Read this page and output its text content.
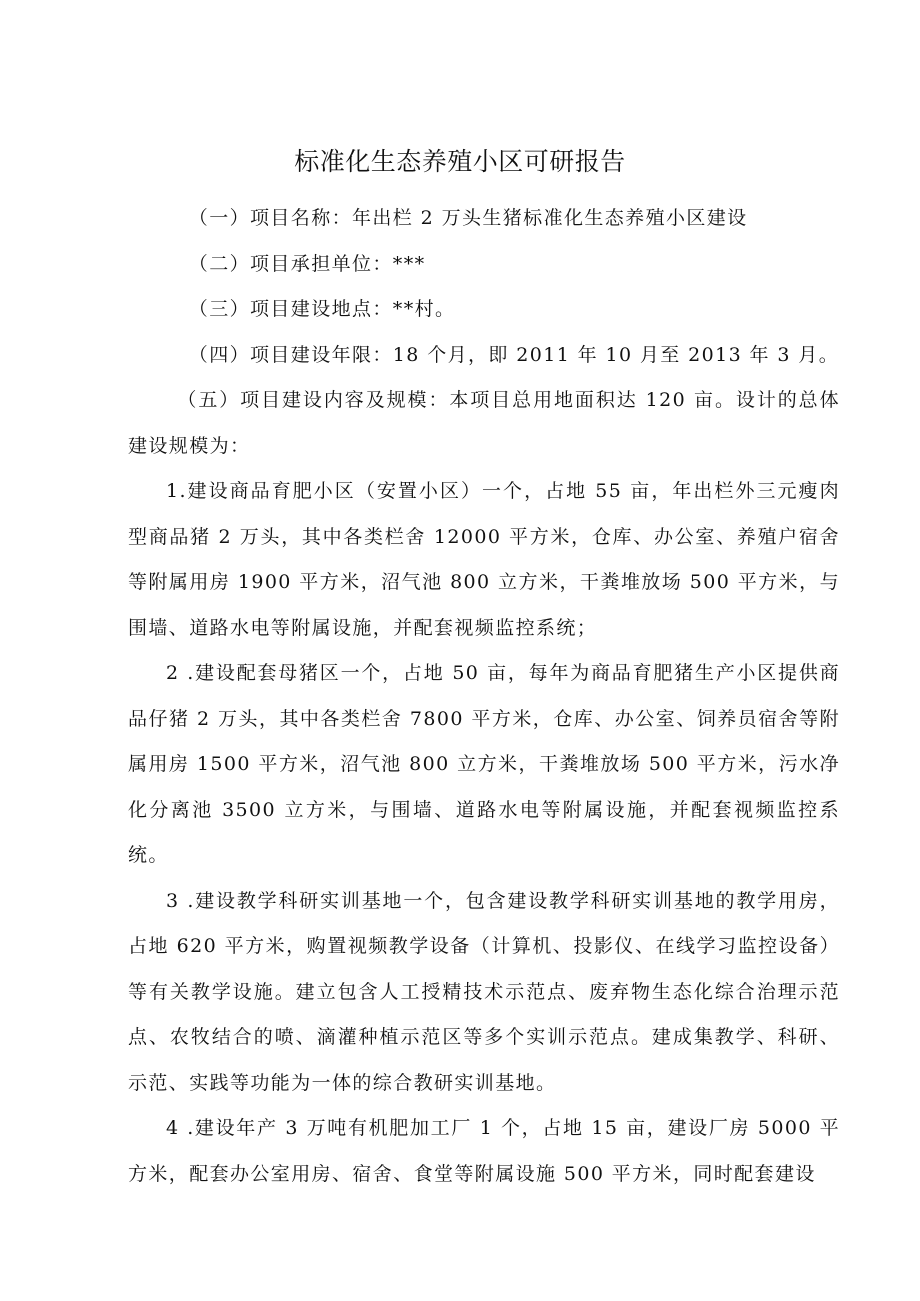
标准化生态养殖小区可研报告

（一）项目名称：年出栏 2 万头生猪标准化生态养殖小区建设

（二）项目承担单位：***

（三）项目建设地点：**村。

（四）项目建设年限：18 个月，即 2011 年 10 月至 2013 年 3 月。

（五）项目建设内容及规模：本项目总用地面积达 120 亩。设计的总体建设规模为：

1.建设商品育肥小区（安置小区）一个，占地 55 亩，年出栏外三元瘦肉型商品猪 2 万头，其中各类栏舍 12000 平方米，仓库、办公室、养殖户宿舍等附属用房 1900 平方米，沼气池 800 立方米，干粪堆放场 500 平方米，与围墙、道路水电等附属设施，并配套视频监控系统；

2 .建设配套母猪区一个，占地 50 亩，每年为商品育肥猪生产小区提供商品仔猪 2 万头，其中各类栏舍 7800 平方米，仓库、办公室、饲养员宿舍等附属用房 1500 平方米，沼气池 800 立方米，干粪堆放场 500 平方米，污水净化分离池 3500 立方米，与围墙、道路水电等附属设施，并配套视频监控系统。

3 .建设教学科研实训基地一个，包含建设教学科研实训基地的教学用房，占地 620 平方米，购置视频教学设备（计算机、投影仪、在线学习监控设备）等有关教学设施。建立包含人工授精技术示范点、废弃物生态化综合治理示范点、农牧结合的喷、滴灌种植示范区等多个实训示范点。建成集教学、科研、示范、实践等功能为一体的综合教研实训基地。

4 .建设年产 3 万吨有机肥加工厂 1 个，占地 15 亩，建设厂房 5000 平方米，配套办公室用房、宿舍、食堂等附属设施 500 平方米，同时配套建设
